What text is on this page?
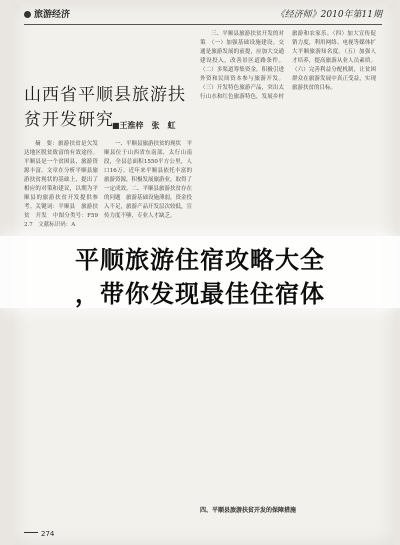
旅游经济	《经济师》2010年第11期
山西省平顺县旅游扶贫开发研究
■王淮梓　张　虹

摘　要：旅游扶贫是欠发达地区脱贫致富的有效途径。平顺县是一个贫困县，旅游资源丰富。文章在分析平顺县旅游扶贫现状的基础上，提出了相应的对策和建议，以期为平顺县的旅游扶贫开发提供参考。关键词：平顺县　旅游扶贫　开发　中图分类号：F592.7　文献标识码：A

一、平顺县旅游扶贫的现状　平顺县位于山西省东南部，太行山南段，全县总面积1550平方公里，人口16万。近年来平顺县依托丰富的旅游资源，积极发展旅游业，取得了一定成效。二、平顺县旅游扶贫存在的问题　旅游基础设施薄弱，资金投入不足，旅游产品开发层次较低，宣传力度不够，专业人才缺乏。

三、平顺县旅游扶贫开发的对策　（一）加强基础设施建设。交通是旅游发展的前提，应加大交通建设投入，改善景区道路条件。（二）多渠道筹集资金，积极引进外资和民间资本参与旅游开发。（三）开发特色旅游产品，突出太行山水和红色旅游特色，发展乡村旅游和农家乐。（四）加大宣传促销力度，利用网络、电视等媒体扩大平顺旅游知名度。（五）加强人才培养，提高旅游从业人员素质。（六）完善利益分配机制，让贫困群众在旅游发展中真正受益，实现旅游扶贫的目标。

四、平顺县旅游扶贫开发的保障措施
平顺旅游住宿攻略大全
，带你发现最佳住宿体
274
